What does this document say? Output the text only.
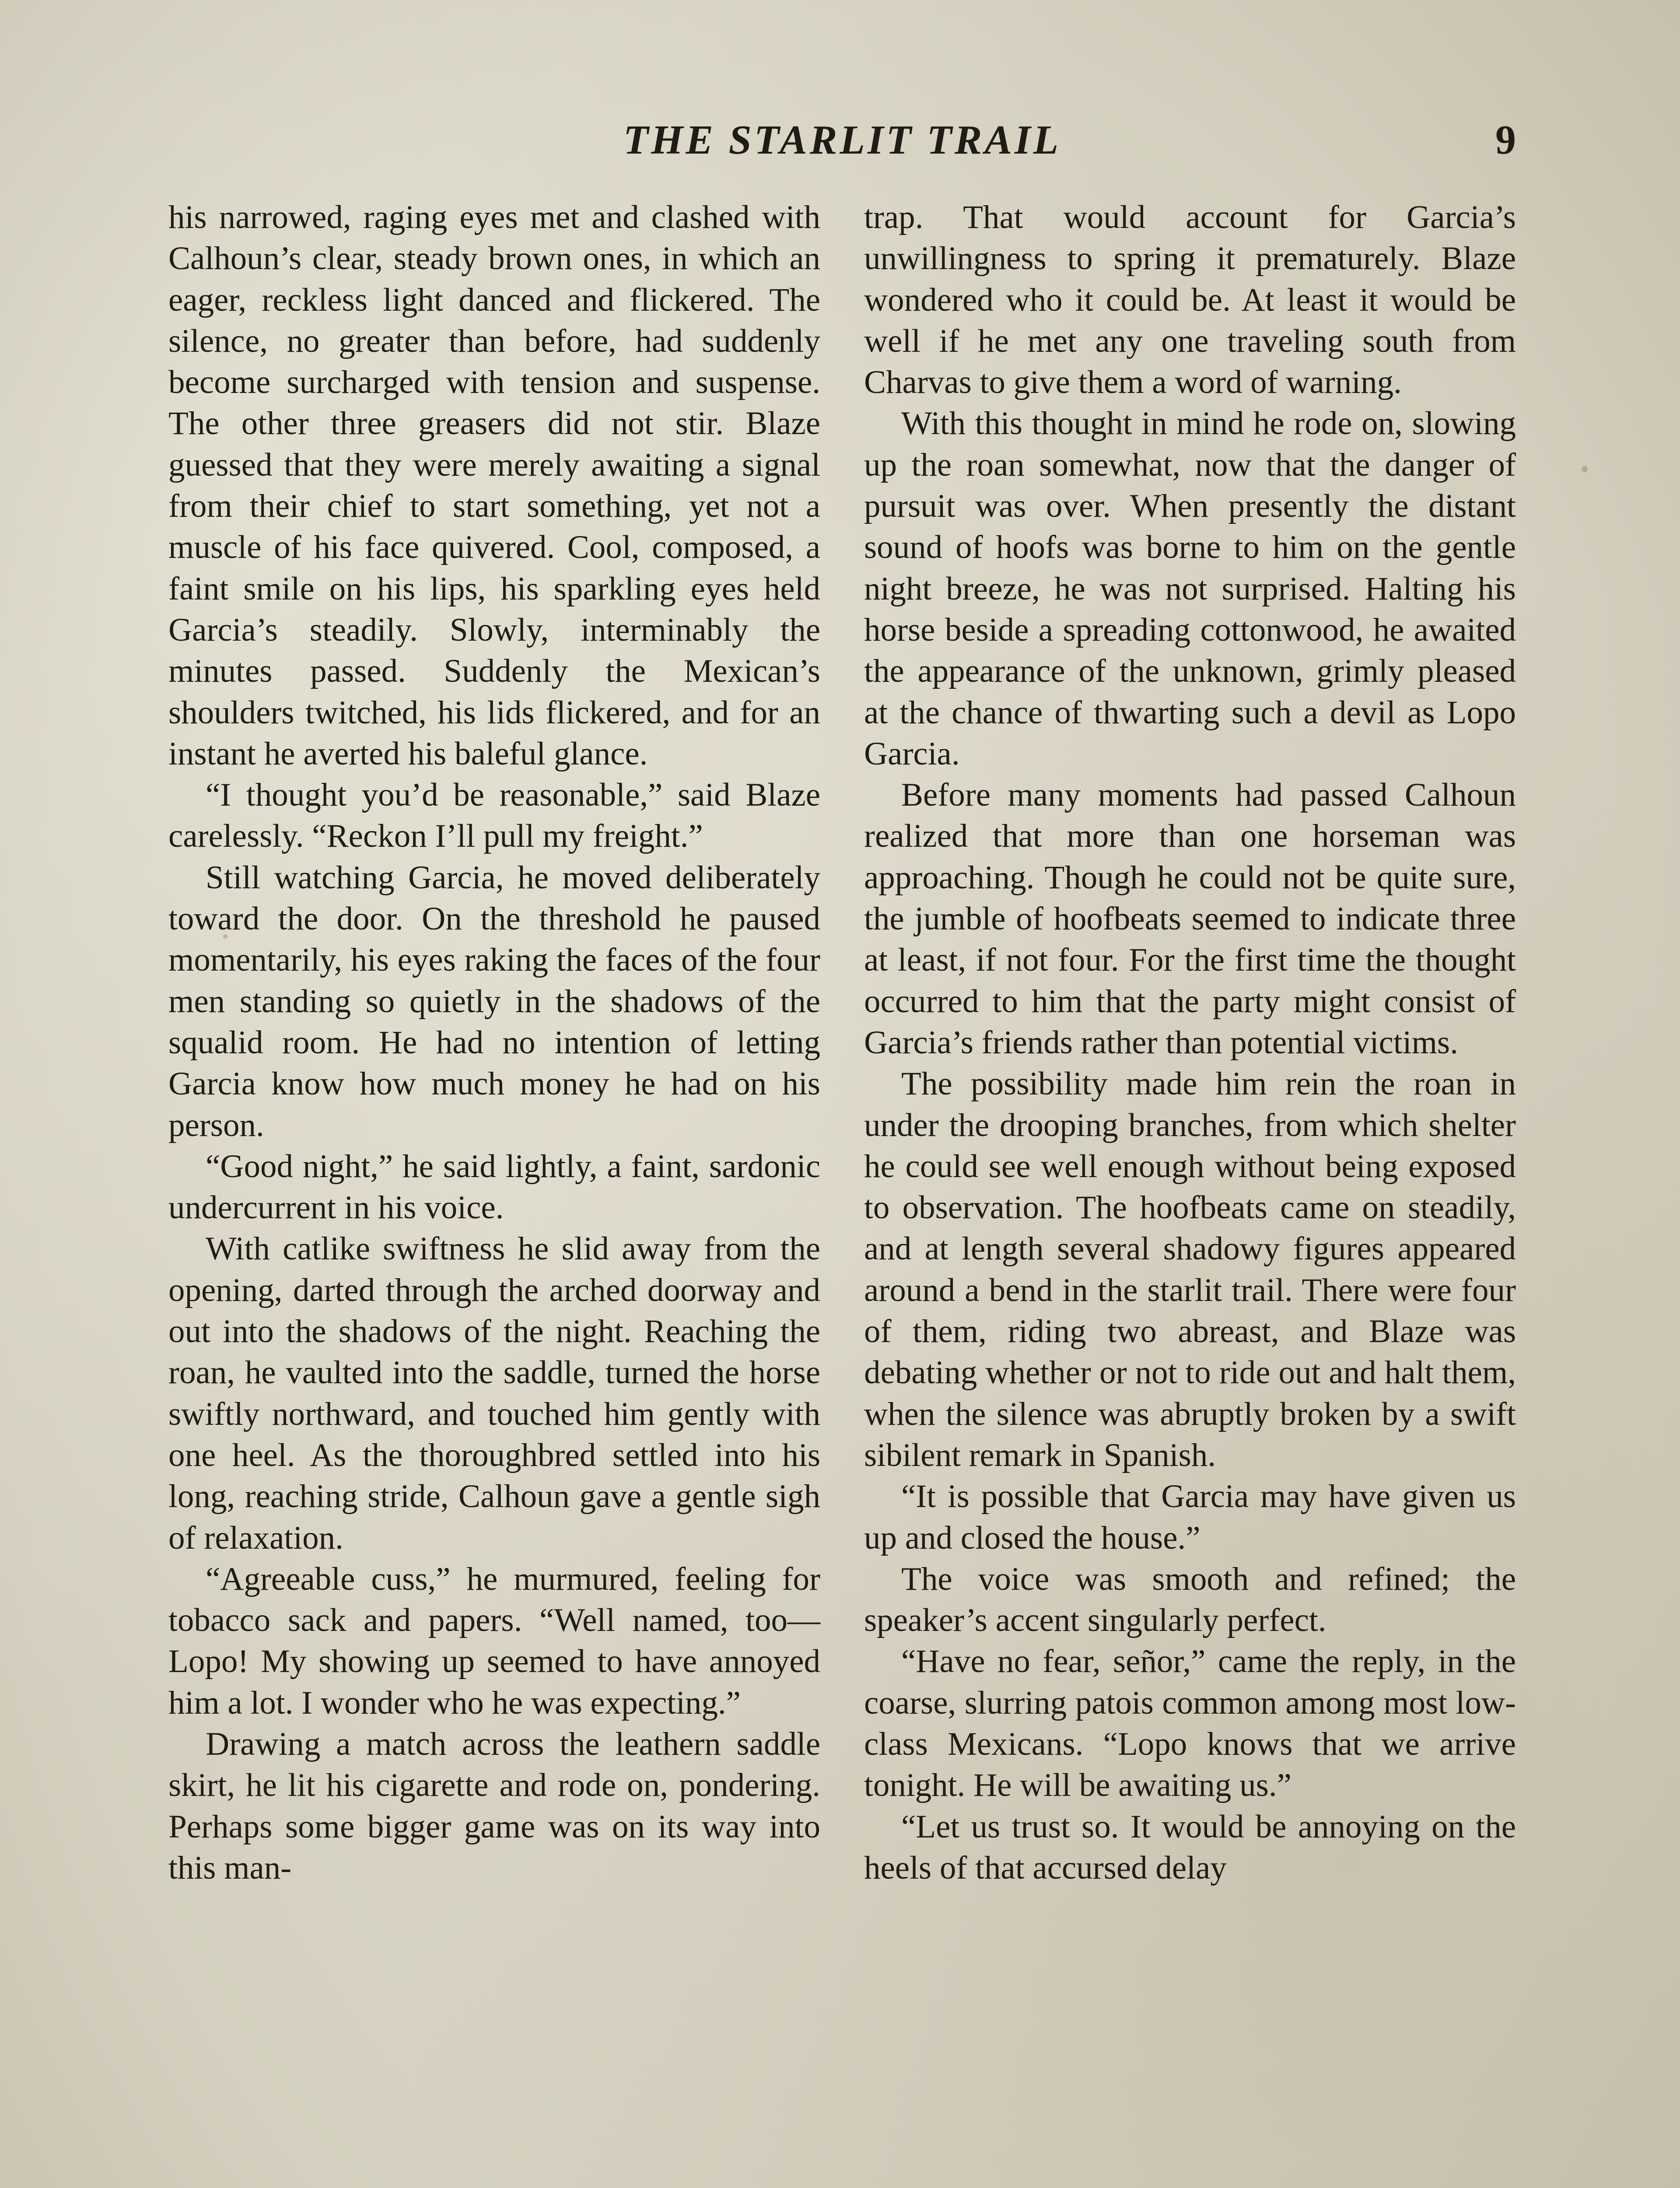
THE STARLIT TRAIL	9

his narrowed, raging eyes met and clashed with Calhoun’s clear, steady brown ones, in which an eager, reckless light danced and flickered. The silence, no greater than before, had suddenly become surcharged with tension and suspense. The other three greasers did not stir. Blaze guessed that they were merely awaiting a signal from their chief to start something, yet not a muscle of his face quivered. Cool, composed, a faint smile on his lips, his sparkling eyes held Garcia’s steadily. Slowly, interminably the minutes passed. Suddenly the Mexican’s shoulders twitched, his lids flickered, and for an instant he averted his baleful glance.

“I thought you’d be reasonable,” said Blaze carelessly. “Reckon I’ll pull my freight.”

Still watching Garcia, he moved deliberately toward the door. On the threshold he paused momentarily, his eyes raking the faces of the four men standing so quietly in the shadows of the squalid room. He had no intention of letting Garcia know how much money he had on his person.

“Good night,” he said lightly, a faint, sardonic undercurrent in his voice.

With catlike swiftness he slid away from the opening, darted through the arched doorway and out into the shadows of the night. Reaching the roan, he vaulted into the saddle, turned the horse swiftly northward, and touched him gently with one heel. As the thoroughbred settled into his long, reaching stride, Calhoun gave a gentle sigh of relaxation.

“Agreeable cuss,” he murmured, feeling for tobacco sack and papers. “Well named, too—Lopo! My showing up seemed to have annoyed him a lot. I wonder who he was expecting.”

Drawing a match across the leathern saddle skirt, he lit his cigarette and rode on, pondering. Perhaps some bigger game was on its way into this man-

trap. That would account for Garcia’s unwillingness to spring it prematurely. Blaze wondered who it could be. At least it would be well if he met any one traveling south from Charvas to give them a word of warning.

With this thought in mind he rode on, slowing up the roan somewhat, now that the danger of pursuit was over. When presently the distant sound of hoofs was borne to him on the gentle night breeze, he was not surprised. Halting his horse beside a spreading cottonwood, he awaited the appearance of the unknown, grimly pleased at the chance of thwarting such a devil as Lopo Garcia.

Before many moments had passed Calhoun realized that more than one horseman was approaching. Though he could not be quite sure, the jumble of hoofbeats seemed to indicate three at least, if not four. For the first time the thought occurred to him that the party might consist of Garcia’s friends rather than potential victims.

The possibility made him rein the roan in under the drooping branches, from which shelter he could see well enough without being exposed to observation. The hoofbeats came on steadily, and at length several shadowy figures appeared around a bend in the starlit trail. There were four of them, riding two abreast, and Blaze was debating whether or not to ride out and halt them, when the silence was abruptly broken by a swift sibilent remark in Spanish.

“It is possible that Garcia may have given us up and closed the house.”

The voice was smooth and refined; the speaker’s accent singularly perfect.

“Have no fear, señor,” came the reply, in the coarse, slurring patois common among most low-class Mexicans. “Lopo knows that we arrive tonight. He will be awaiting us.”

“Let us trust so. It would be annoying on the heels of that accursed delay
